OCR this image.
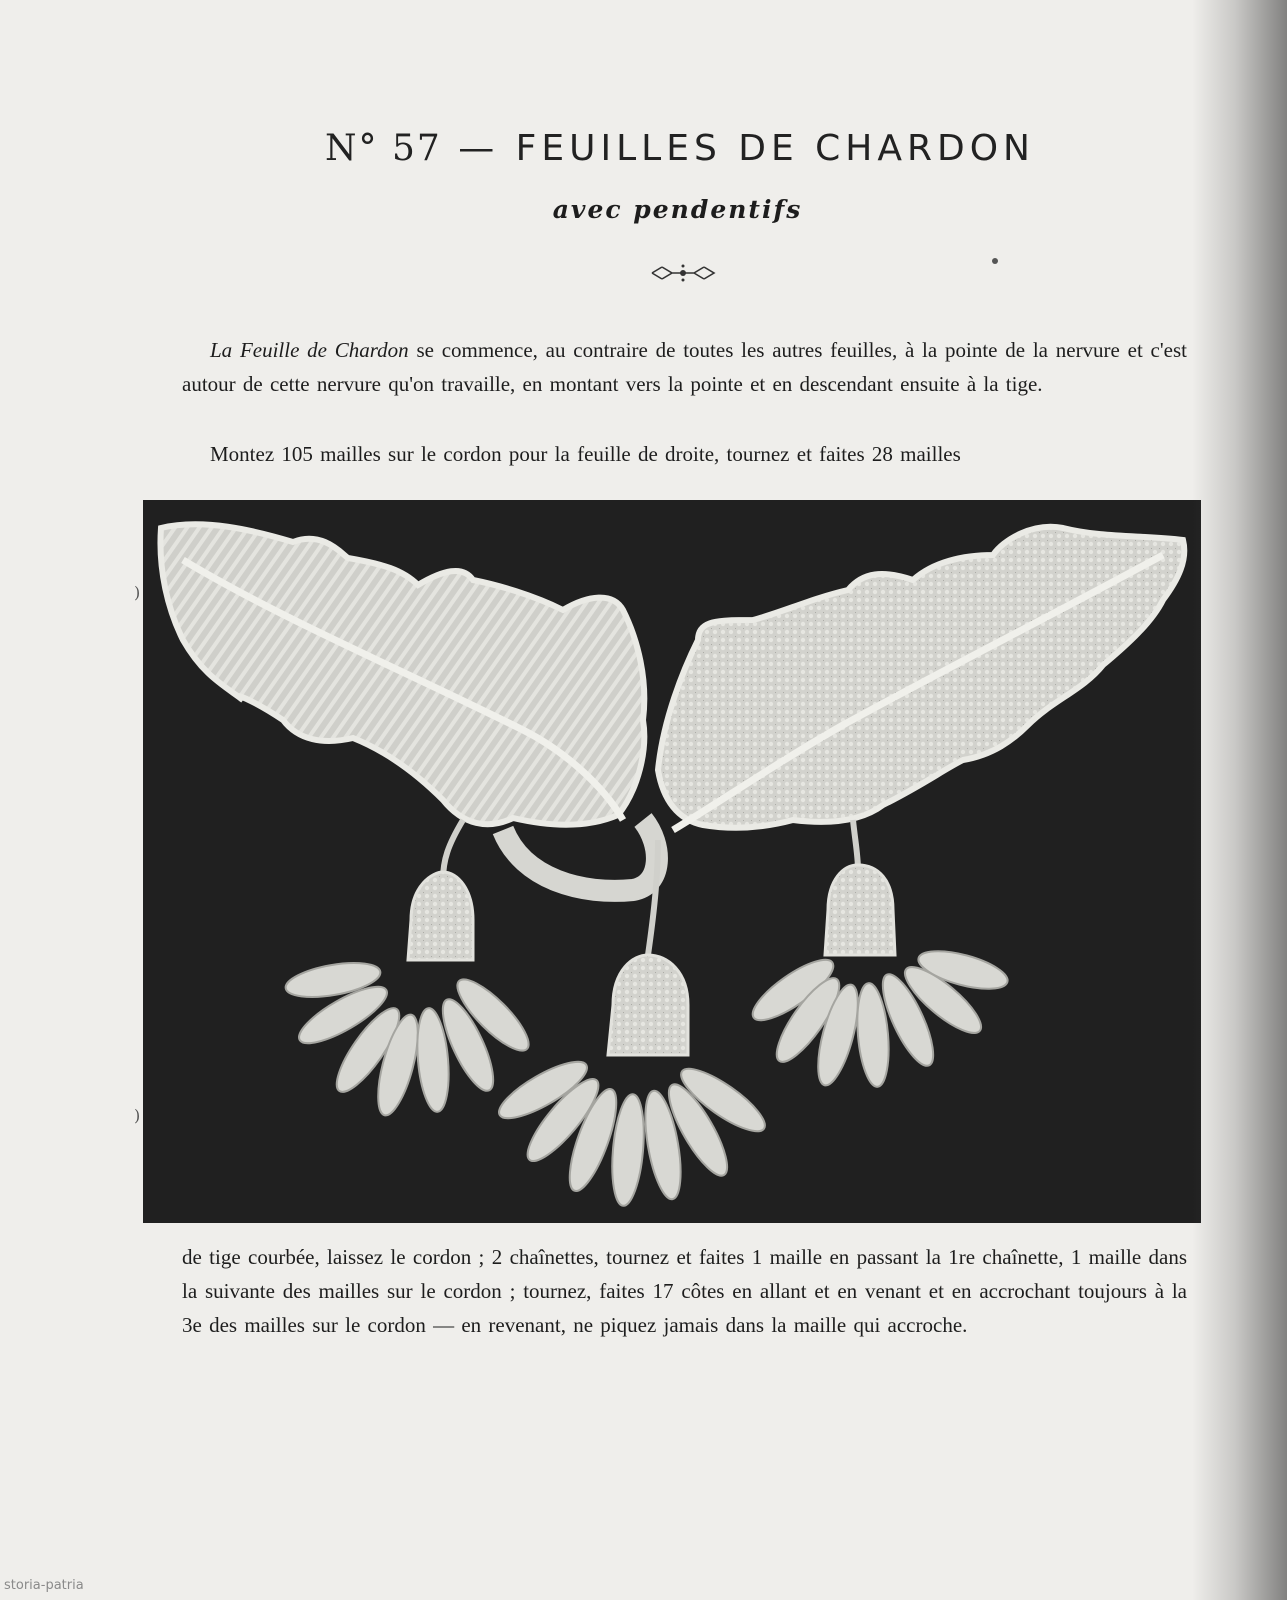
N° 57 — FEUILLES DE CHARDON
avec pendentifs
La Feuille de Chardon se commence, au contraire de toutes les autres feuilles, à la pointe de la nervure et c'est autour de cette nervure qu'on travaille, en montant vers la pointe et en descendant ensuite à la tige.
Montez 105 mailles sur le cordon pour la feuille de droite, tournez et faites 28 mailles
de tige courbée, laissez le cordon ; 2 chaînettes, tournez et faites 1 maille en passant la 1re chaînette, 1 maille dans la suivante des mailles sur le cordon ; tournez, faites 17 côtes en allant et en venant et en accrochant toujours à la 3e des mailles sur le cordon — en revenant, ne piquez jamais dans la maille qui accroche.
)
)
storia-patria
